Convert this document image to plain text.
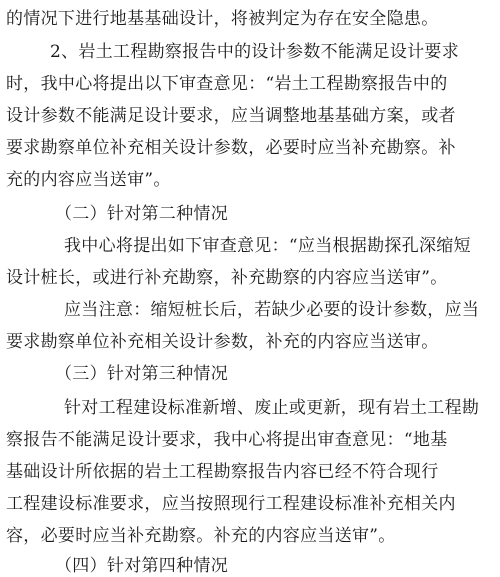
的情况下进行地基基础设计，将被判定为存在安全隐患。
2、岩土工程勘察报告中的设计参数不能满足设计要求
时，我中心将提出以下审查意见：“岩土工程勘察报告中的
设计参数不能满足设计要求，应当调整地基基础方案，或者
要求勘察单位补充相关设计参数，必要时应当补充勘察。补
充的内容应当送审”。
（二）针对第二种情况
我中心将提出如下审查意见：“应当根据勘探孔深缩短
设计桩长，或进行补充勘察，补充勘察的内容应当送审”。
应当注意：缩短桩长后，若缺少必要的设计参数，应当
要求勘察单位补充相关设计参数，补充的内容应当送审。
（三）针对第三种情况
针对工程建设标准新增、废止或更新，现有岩土工程勘
察报告不能满足设计要求，我中心将提出审查意见：“地基
基础设计所依据的岩土工程勘察报告内容已经不符合现行
工程建设标准要求，应当按照现行工程建设标准补充相关内
容，必要时应当补充勘察。补充的内容应当送审”。
（四）针对第四种情况
